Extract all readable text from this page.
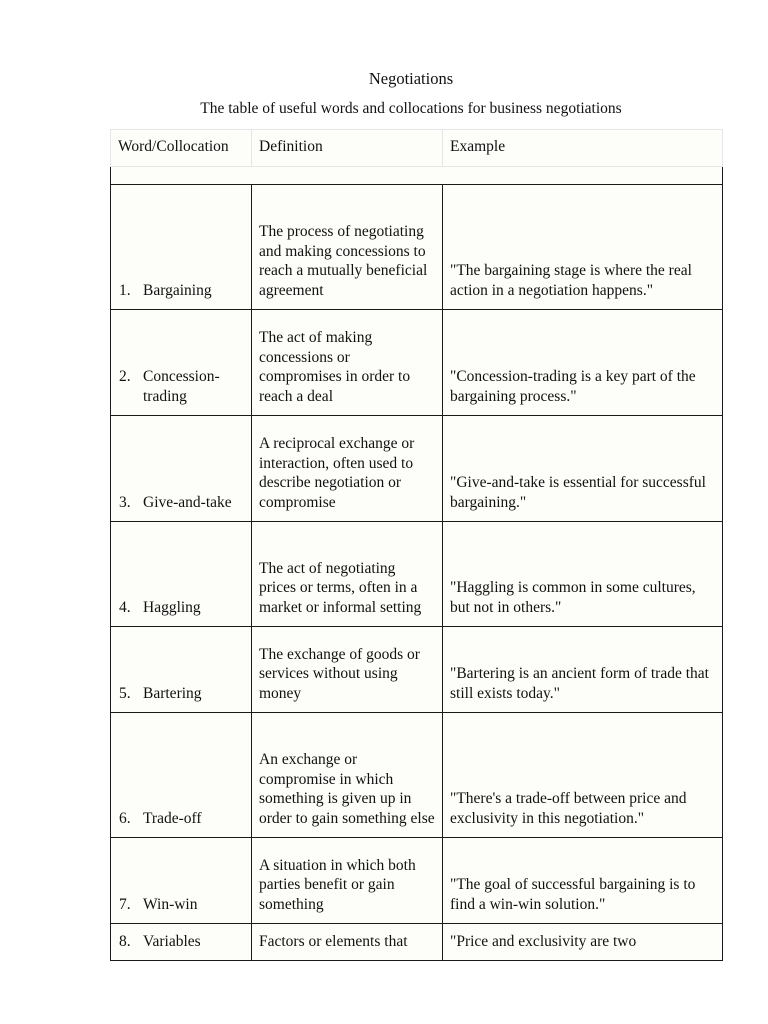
Negotiations
The table of useful words and collocations for business negotiations
Word/Collocation	Definition	Example

1. Bargaining	The process of negotiating and making concessions to reach a mutually beneficial agreement	"The bargaining stage is where the real action in a negotiation happens."

2. Concession-trading	The act of making concessions or compromises in order to reach a deal	"Concession-trading is a key part of the bargaining process."

3. Give-and-take	A reciprocal exchange or interaction, often used to describe negotiation or compromise	"Give-and-take is essential for successful bargaining."

4. Haggling	The act of negotiating prices or terms, often in a market or informal setting	"Haggling is common in some cultures, but not in others."

5. Bartering	The exchange of goods or services without using money	"Bartering is an ancient form of trade that still exists today."

6. Trade-off	An exchange or compromise in which something is given up in order to gain something else	"There's a trade-off between price and exclusivity in this negotiation."

7. Win-win	A situation in which both parties benefit or gain something	"The goal of successful bargaining is to find a win-win solution."

8. Variables	Factors or elements that	"Price and exclusivity are two
